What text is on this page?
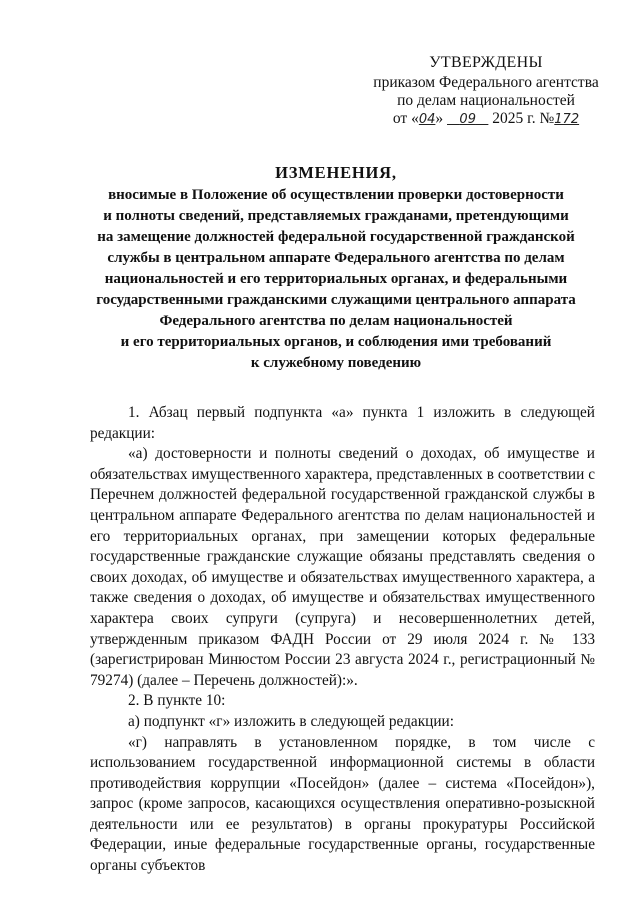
УТВЕРЖДЕНЫ
приказом Федерального агентства
по делам национальностей
от «04» 09 2025 г. №172
ИЗМЕНЕНИЯ,
вносимые в Положение об осуществлении проверки достоверности
и полноты сведений, представляемых гражданами, претендующими
на замещение должностей федеральной государственной гражданской
службы в центральном аппарате Федерального агентства по делам
национальностей и его территориальных органах, и федеральными
государственными гражданскими служащими центрального аппарата
Федерального агентства по делам национальностей
и его территориальных органов, и соблюдения ими требований
к служебному поведению

1. Абзац первый подпункта «а» пункта 1 изложить в следующей

редакции:

«а) достоверности и полноты сведений о доходах, об имуществе и обязательствах имущественного характера, представленных в соответствии с Перечнем должностей федеральной государственной гражданской службы в центральном аппарате Федерального агентства по делам национальностей и его территориальных органах, при замещении которых федеральные государственные гражданские служащие обязаны представлять сведения о своих доходах, об имуществе и обязательствах имущественного характера, а также сведения о доходах, об имуществе и обязательствах имущественного характера своих супруги (супруга) и несовершеннолетних детей, утвержденным приказом ФАДН России от 29 июля 2024 г. № 133 (зарегистрирован Минюстом России 23 августа 2024 г., регистрационный № 79274) (далее – Перечень должностей):».

2. В пункте 10:

а) подпункт «г» изложить в следующей редакции:

«г) направлять в установленном порядке, в том числе с использованием государственной информационной системы в области противодействия коррупции «Посейдон» (далее – система «Посейдон»), запрос (кроме запросов, касающихся осуществления оперативно-розыскной деятельности или ее результатов) в органы прокуратуры Российской Федерации, иные федеральные государственные органы, государственные органы субъектов
